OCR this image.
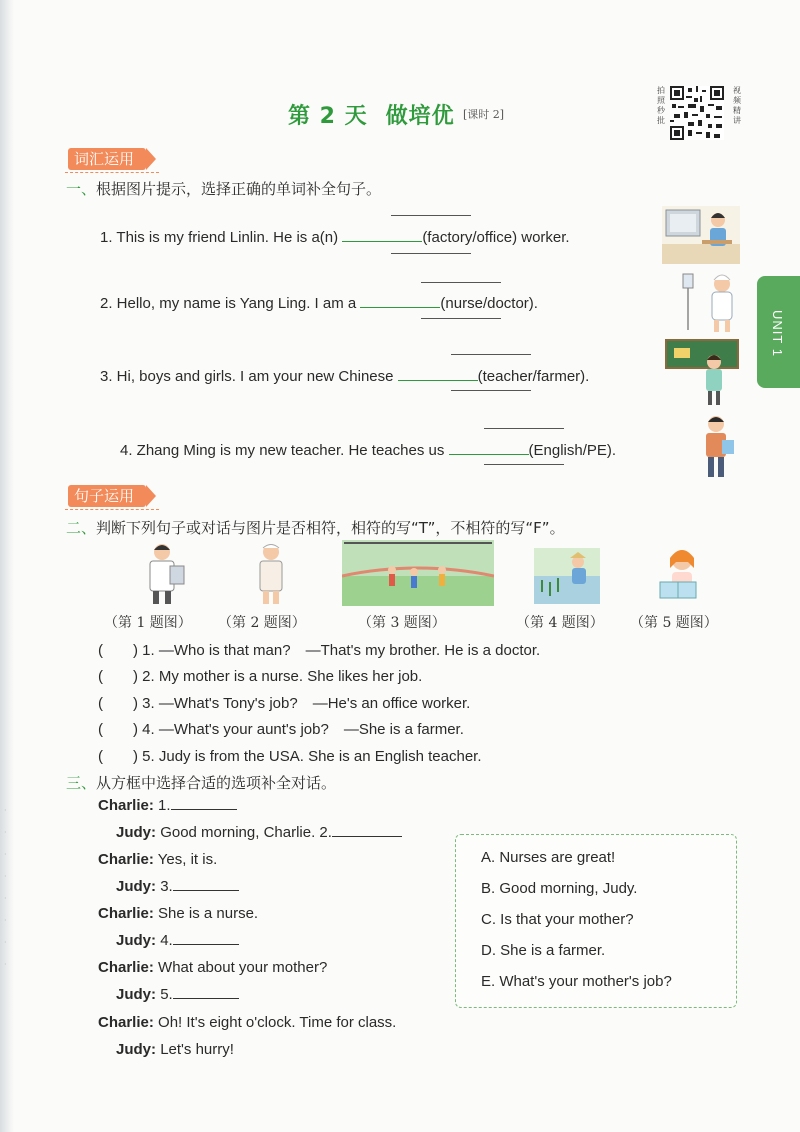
·
·
·
·
·
·
·
·
第 2 天 做培优 [课时 2]
拍照秒批
视频精讲
UNIT 1
词汇运用
一、根据图片提示，选择正确的单词补全句子。
1. This is my friend Linlin. He is a(n)	(factory/office) worker.
2. Hello, my name is Yang Ling. I am a	(nurse/doctor).
3. Hi, boys and girls. I am your new Chinese	(teacher/farmer).
4. Zhang Ming is my new teacher. He teaches us	(English/PE).
句子运用
二、判断下列句子或对话与图片是否相符，相符的写“T”，不相符的写“F”。
（第 1 题图） （第 2 题图）	（第 3 题图）	（第 4 题图） （第 5 题图）
(　　) 1. —Who is that man?　—That's my brother. He is a doctor.
(　　) 2. My mother is a nurse. She likes her job.
(　　) 3. —What's Tony's job?　—He's an office worker.
(　　) 4. —What's your aunt's job?　—She is a farmer.
(　　) 5. Judy is from the USA. She is an English teacher.
三、从方框中选择合适的选项补全对话。
Charlie: 1.
Judy: Good morning, Charlie. 2.
Charlie: Yes, it is.
Judy: 3.
Charlie: She is a nurse.
Judy: 4.
Charlie: What about your mother?
Judy: 5.
Charlie: Oh! It's eight o'clock. Time for class.
Judy: Let's hurry!
A. Nurses are great!
B. Good morning, Judy.
C. Is that your mother?
D. She is a farmer.
E. What's your mother's job?
